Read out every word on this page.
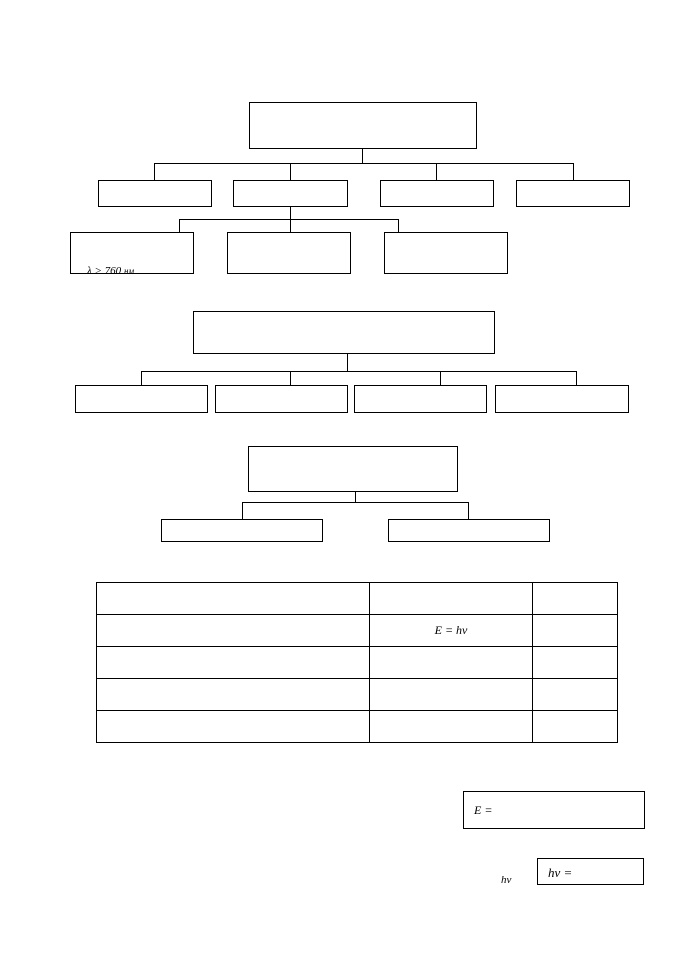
λ > 760 нм

	E = hν	

E =
hν	hν =
